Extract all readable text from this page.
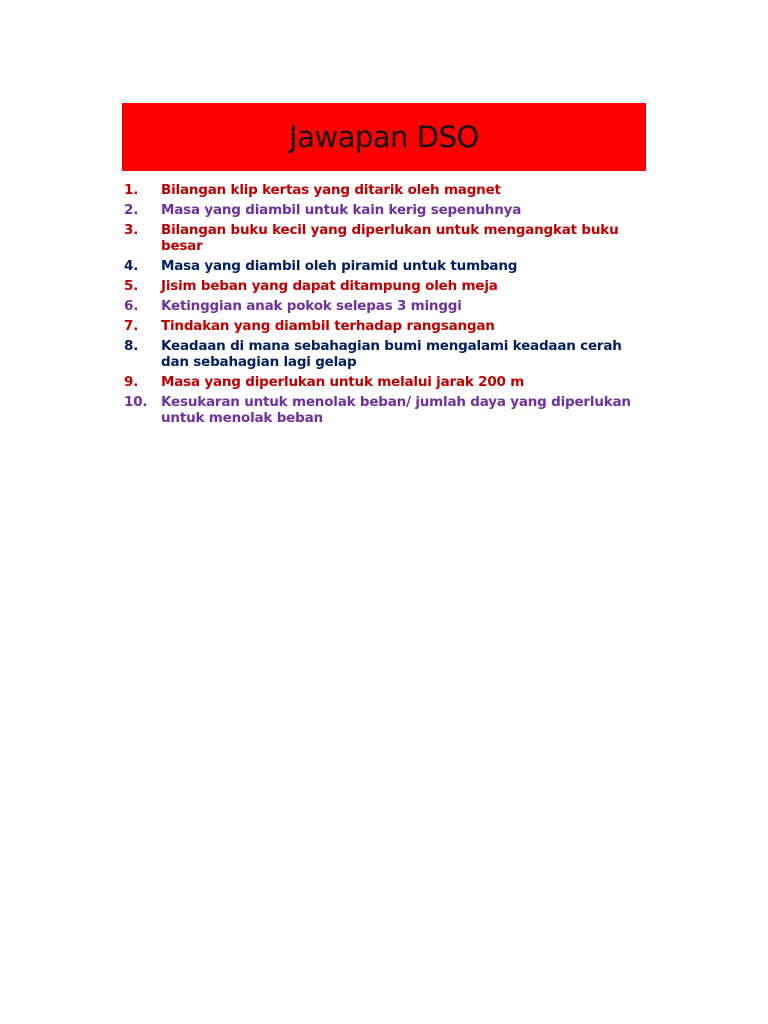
Jawapan DSO
1.	Bilangan klip kertas yang ditarik oleh magnet
2.	Masa yang diambil untuk kain kerig sepenuhnya
3.	Bilangan buku kecil yang diperlukan untuk mengangkat buku besar
4.	Masa yang diambil oleh piramid untuk tumbang
5.	Jisim beban yang dapat ditampung oleh meja
6.	Ketinggian anak pokok selepas 3 minggi
7.	Tindakan yang diambil terhadap rangsangan
8.	Keadaan di mana sebahagian bumi mengalami keadaan cerah dan sebahagian lagi gelap
9.	Masa yang diperlukan untuk melalui jarak 200 m
10.	Kesukaran untuk menolak beban/ jumlah daya yang diperlukan untuk menolak beban
